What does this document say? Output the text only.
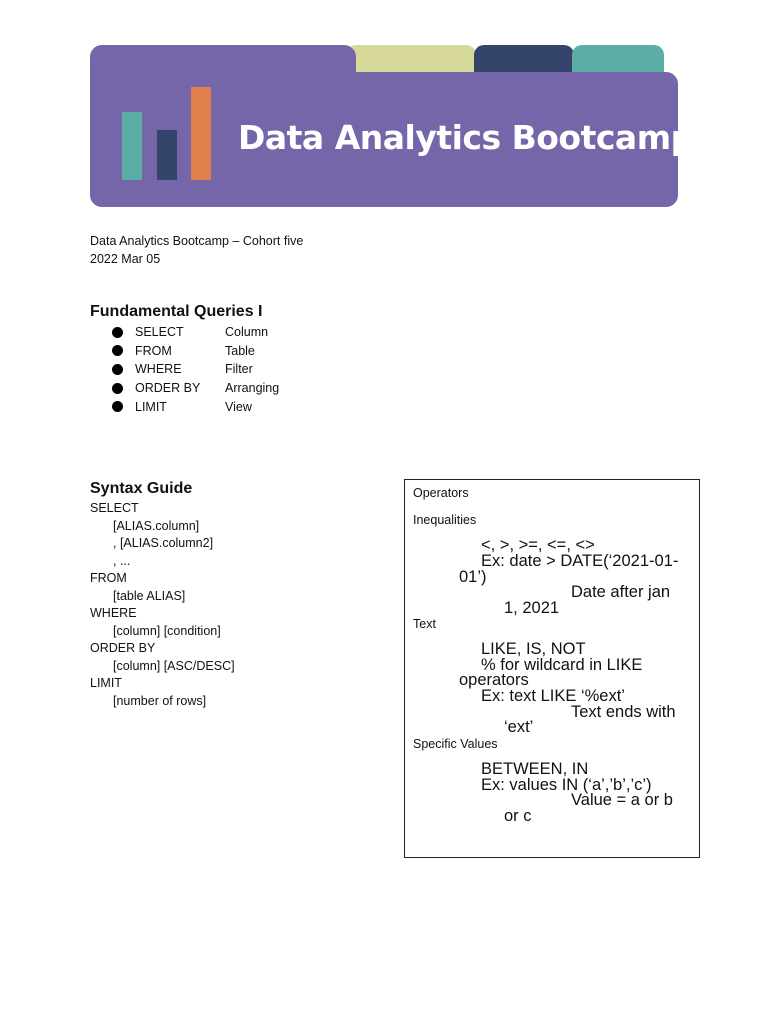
Data Analytics Bootcamp
Data Analytics Bootcamp – Cohort five
2022 Mar 05
Fundamental Queries I
SELECT	Column
FROM	Table
WHERE	Filter
ORDER BY	Arranging
LIMIT	View
Syntax Guide
SELECT
[ALIAS.column]
, [ALIAS.column2]
, ...
FROM
[table ALIAS]
WHERE
[column] [condition]
ORDER BY
[column] [ASC/DESC]
LIMIT
[number of rows]
Operators
Inequalities
<, >, >=, <=, <>
Ex: date > DATE(‘2021-01-
01’)
Date after jan
1, 2021
Text
LIKE, IS, NOT
% for wildcard in LIKE
operators
Ex: text LIKE ‘%ext’
Text ends with
‘ext’
Specific Values
BETWEEN, IN
Ex: values IN (‘a’,’b’,’c’)
Value = a or b
or c
